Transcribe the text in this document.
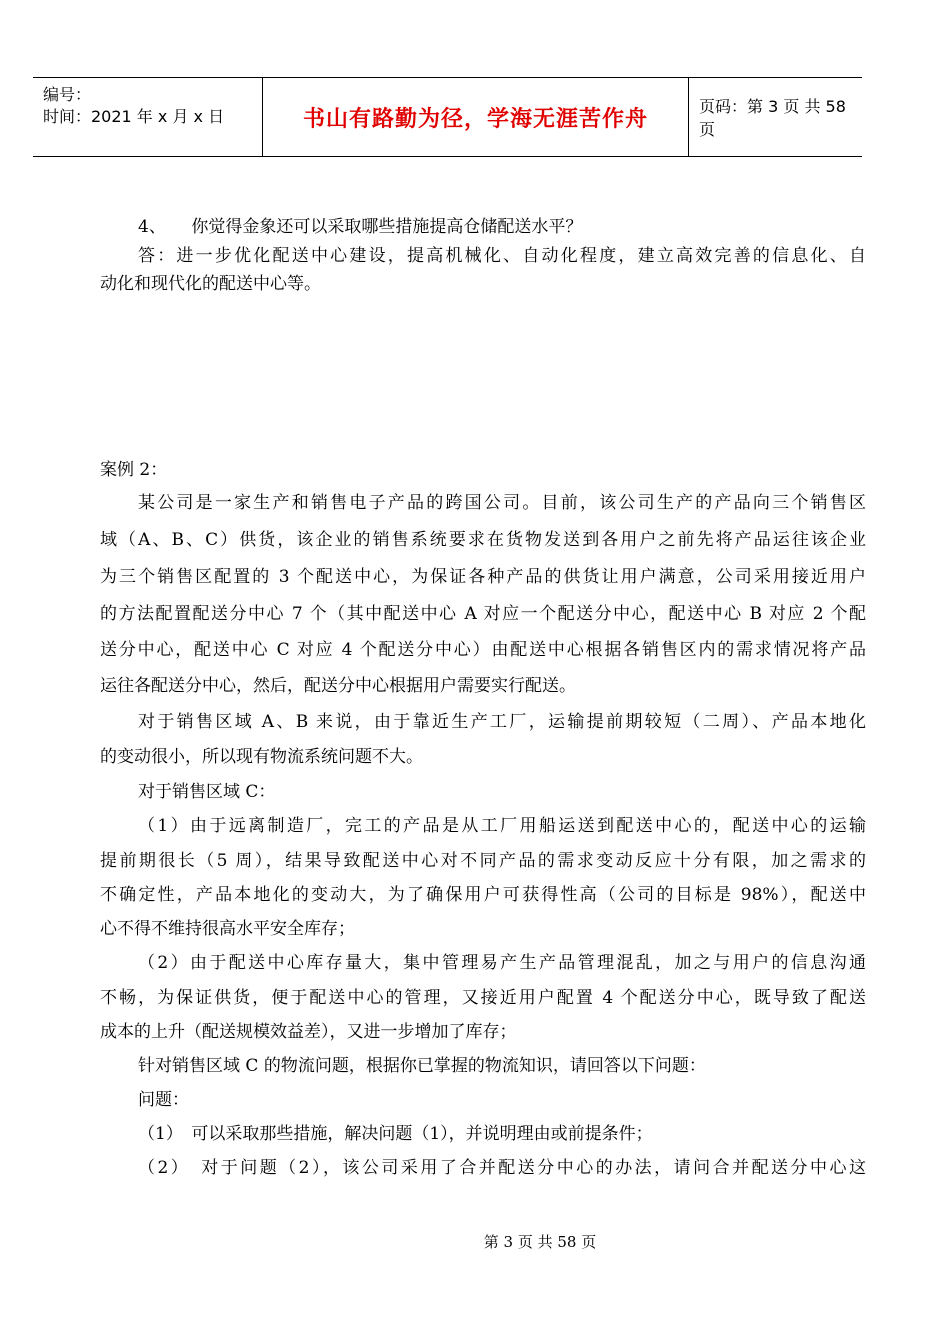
编号：
时间：2021 年 x 月 x 日	书山有路勤为径，学海无涯苦作舟	页码：第 3 页 共 58 页
4、　　你觉得金象还可以采取哪些措施提高仓储配送水平？
答：进一步优化配送中心建设，提高机械化、自动化程度，建立高效完善的信息化、自
动化和现代化的配送中心等。
案例 2：
某公司是一家生产和销售电子产品的跨国公司。目前，该公司生产的产品向三个销售区
域（A、B、C）供货，该企业的销售系统要求在货物发送到各用户之前先将产品运往该企业
为三个销售区配置的 3 个配送中心，为保证各种产品的供货让用户满意，公司采用接近用户
的方法配置配送分中心 7 个（其中配送中心 A 对应一个配送分中心，配送中心 B 对应 2 个配
送分中心，配送中心 C 对应 4 个配送分中心）由配送中心根据各销售区内的需求情况将产品
运往各配送分中心，然后，配送分中心根据用户需要实行配送。
对于销售区域 A、B 来说，由于靠近生产工厂，运输提前期较短（二周）、产品本地化
的变动很小，所以现有物流系统问题不大。
对于销售区域 C：
（1）由于远离制造厂，完工的产品是从工厂用船运送到配送中心的，配送中心的运输
提前期很长（5 周），结果导致配送中心对不同产品的需求变动反应十分有限，加之需求的
不确定性，产品本地化的变动大，为了确保用户可获得性高（公司的目标是 98%），配送中
心不得不维持很高水平安全库存；
（2）由于配送中心库存量大，集中管理易产生产品管理混乱，加之与用户的信息沟通
不畅，为保证供货，便于配送中心的管理，又接近用户配置 4 个配送分中心，既导致了配送
成本的上升（配送规模效益差），又进一步增加了库存；
针对销售区域 C 的物流问题，根据你已掌握的物流知识，请回答以下问题：
问题：
（1）　可以采取那些措施，解决问题（1），并说明理由或前提条件；
（2）　对于问题（2），该公司采用了合并配送分中心的办法，请问合并配送分中心这
第 3 页 共 58 页
